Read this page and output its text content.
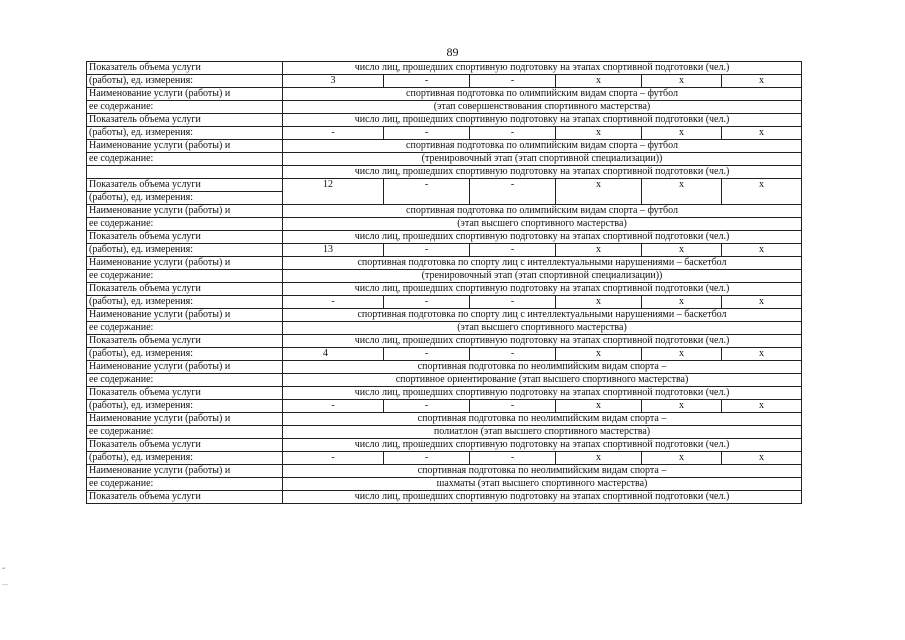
89
Показатель объема услуги	число лиц, прошедших спортивную подготовку на этапах спортивной подготовки (чел.)					
(работы), ед. измерения:	3	-	-	х	х	х
Наименование услуги (работы) и	спортивная подготовка по олимпийским видам спорта – футбол					
ее содержание:	(этап совершенствования спортивного мастерства)					
Показатель объема услуги	число лиц, прошедших спортивную подготовку на этапах спортивной подготовки (чел.)					
(работы), ед. измерения:	-	-	-	х	х	х
Наименование услуги (работы) и	спортивная подготовка по олимпийским видам спорта – футбол					
ее содержание:	(тренировочный этап (этап спортивной специализации))					
	число лиц, прошедших спортивную подготовку на этапах спортивной подготовки (чел.)					
Показатель объема услуги	12	-	-	х	х	х
(работы), ед. измерения:						
Наименование услуги (работы) и	спортивная подготовка по олимпийским видам спорта – футбол					
ее содержание:	(этап высшего спортивного мастерства)					
Показатель объема услуги	число лиц, прошедших спортивную подготовку на этапах спортивной подготовки (чел.)					
(работы), ед. измерения:	13	-	-	х	х	х
Наименование услуги (работы) и	спортивная подготовка по спорту лиц с интеллектуальными нарушениями – баскетбол					
ее содержание:	(тренировочный этап (этап спортивной специализации))					
Показатель объема услуги	число лиц, прошедших спортивную подготовку на этапах спортивной подготовки (чел.)					
(работы), ед. измерения:	-	-	-	х	х	х
Наименование услуги (работы) и	спортивная подготовка по спорту лиц с интеллектуальными нарушениями – баскетбол					
ее содержание:	(этап высшего спортивного мастерства)					
Показатель объема услуги	число лиц, прошедших спортивную подготовку на этапах спортивной подготовки (чел.)					
(работы), ед. измерения:	4	-	-	х	х	х
Наименование услуги (работы) и	спортивная подготовка по неолимпийским видам спорта –					
ее содержание:	спортивное ориентирование (этап высшего спортивного мастерства)					
Показатель объема услуги	число лиц, прошедших спортивную подготовку на этапах спортивной подготовки (чел.)					
(работы), ед. измерения:	-	-	-	х	х	х
Наименование услуги (работы) и	спортивная подготовка по неолимпийским видам спорта –					
ее содержание:	полиатлон (этап высшего спортивного мастерства)					
Показатель объема услуги	число лиц, прошедших спортивную подготовку на этапах спортивной подготовки (чел.)					
(работы), ед. измерения:	-	-	-	х	х	х
Наименование услуги (работы) и	спортивная подготовка по неолимпийским видам спорта –					
ее содержание:	шахматы (этап высшего спортивного мастерства)					
Показатель объема услуги	число лиц, прошедших спортивную подготовку на этапах спортивной подготовки (чел.)					
≡
—
